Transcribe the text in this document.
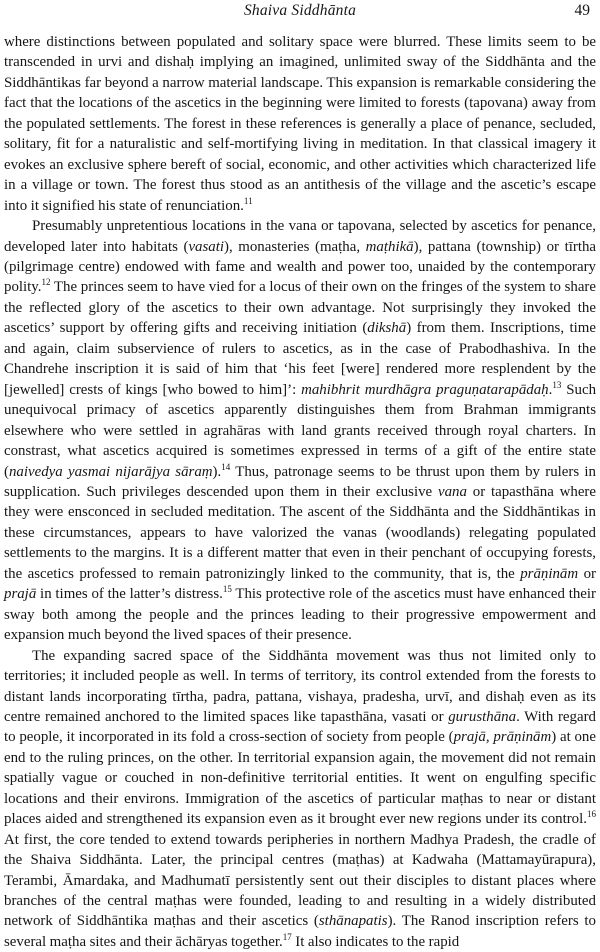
Shaiva Siddhānta	49

where distinctions between populated and solitary space were blurred. These limits seem to be transcended in urvi and dishaḥ implying an imagined, unlimited sway of the Siddhānta and the Siddhāntikas far beyond a narrow material landscape. This expansion is remarkable considering the fact that the locations of the ascetics in the beginning were limited to forests (tapovana) away from the populated settlements. The forest in these references is generally a place of penance, secluded, solitary, fit for a naturalistic and self-mortifying living in meditation. In that classical imagery it evokes an exclusive sphere bereft of social, economic, and other activities which characterized life in a village or town. The forest thus stood as an antithesis of the village and the ascetic’s escape into it signified his state of renunciation.$^{11}$

Presumably unpretentious locations in the vana or tapovana, selected by ascetics for penance, developed later into habitats (vasati), monasteries (maṭha, maṭhikā), pattana (township) or tīrtha (pilgrimage centre) endowed with fame and wealth and power too, unaided by the contemporary polity.$^{12}$ The princes seem to have vied for a locus of their own on the fringes of the system to share the reflected glory of the ascetics to their own advantage. Not surprisingly they invoked the ascetics’ support by offering gifts and receiving initiation (dikshā) from them. Inscriptions, time and again, claim subservience of rulers to ascetics, as in the case of Prabodhashiva. In the Chandrehe inscription it is said of him that ‘his feet [were] rendered more resplendent by the [jewelled] crests of kings [who bowed to him]’: mahibhrit murdhāgra praguṇatarapādaḥ.$^{13}$ Such unequivocal primacy of ascetics apparently distinguishes them from Brahman immigrants elsewhere who were settled in agrahāras with land grants received through royal charters. In constrast, what ascetics acquired is sometimes expressed in terms of a gift of the entire state (naivedya yasmai nijarājya sāraṃ).$^{14}$ Thus, patronage seems to be thrust upon them by rulers in supplication. Such privileges descended upon them in their exclusive vana or tapasthāna where they were ensconced in secluded meditation. The ascent of the Siddhānta and the Siddhāntikas in these circumstances, appears to have valorized the vanas (woodlands) relegating populated settlements to the margins. It is a different matter that even in their penchant of occupying forests, the ascetics professed to remain patronizingly linked to the community, that is, the prāṇinām or prajā in times of the latter’s distress.$^{15}$ This protective role of the ascetics must have enhanced their sway both among the people and the princes leading to their progressive empowerment and expansion much beyond the lived spaces of their presence.

The expanding sacred space of the Siddhānta movement was thus not limited only to territories; it included people as well. In terms of territory, its control extended from the forests to distant lands incorporating tīrtha, padra, pattana, vishaya, pradesha, urvī, and dishaḥ even as its centre remained anchored to the limited spaces like tapasthāna, vasati or gurusthāna. With regard to people, it incorporated in its fold a cross-section of society from people (prajā, prāṇinām) at one end to the ruling princes, on the other. In territorial expansion again, the movement did not remain spatially vague or couched in non-definitive territorial entities. It went on engulfing specific locations and their environs. Immigration of the ascetics of particular maṭhas to near or distant places aided and strengthened its expansion even as it brought ever new regions under its control.$^{16}$ At first, the core tended to extend towards peripheries in northern Madhya Pradesh, the cradle of the Shaiva Siddhānta. Later, the principal centres (maṭhas) at Kadwaha (Mattamayūrapura), Terambi, Āmardaka, and Madhumatī persistently sent out their disciples to distant places where branches of the central maṭhas were founded, leading to and resulting in a widely distributed network of Siddhāntika maṭhas and their ascetics (sthānapatis). The Ranod inscription refers to several maṭha sites and their āchāryas together.$^{17}$ It also indicates to the rapid
